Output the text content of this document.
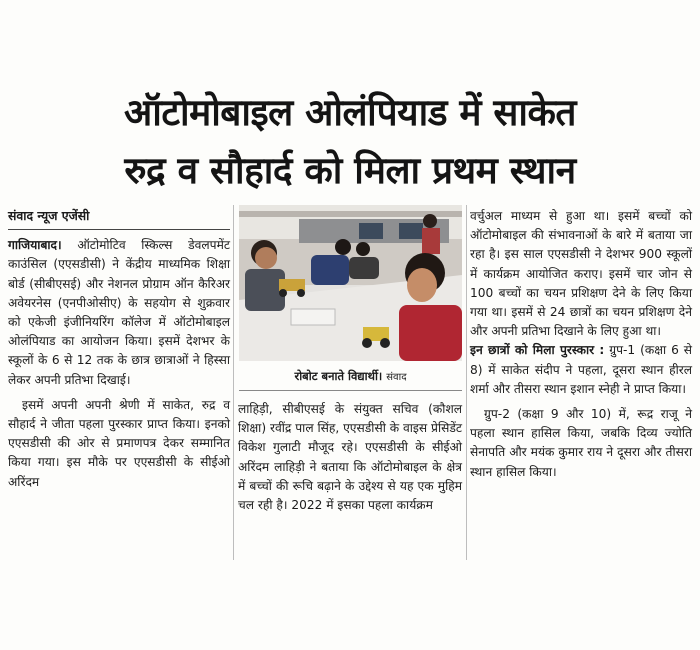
ऑटोमोबाइल ओलंपियाड में साकेत
रुद्र व सौहार्द को मिला प्रथम स्थान
संवाद न्यूज एजेंसी

गाजियाबाद। ऑटोमोटिव स्किल्स डेवलपमेंट काउंसिल (एएसडीसी) ने केंद्रीय माध्यमिक शिक्षा बोर्ड (सीबीएसई) और नेशनल प्रोग्राम ऑन कैरिअर अवेयरनेस (एनपीओसीए) के सहयोग से शुक्रवार को एकेजी इंजीनियरिंग कॉलेज में ऑटोमोबाइल ओलंपियाड का आयोजन किया। इसमें देशभर के स्कूलों के 6 से 12 तक के छात्र छात्राओं ने हिस्सा लेकर अपनी प्रतिभा दिखाई।

इसमें अपनी अपनी श्रेणी में साकेत, रुद्र व सौहार्द ने जीता पहला पुरस्कार प्राप्त किया। इनको एएसडीसी की ओर से प्रमाणपत्र देकर सम्मानित किया गया। इस मौके पर एएसडीसी के सीईओ अरिंदम

रोबोट बनाते विद्यार्थी। संवाद

लाहिड़ी, सीबीएसई के संयुक्त सचिव (कौशल शिक्षा) रवींद्र पाल सिंह, एएसडीसी के वाइस प्रेसिडेंट विकेश गुलाटी मौजूद रहे। एएसडीसी के सीईओ अरिंदम लाहिड़ी ने बताया कि ऑटोमोबाइल के क्षेत्र में बच्चों की रूचि बढ़ाने के उद्देश्य से यह एक मुहिम चल रही है। 2022 में इसका पहला कार्यक्रम

वर्चुअल माध्यम से हुआ था। इसमें बच्चों को ऑटोमोबाइल की संभावनाओं के बारे में बताया जा रहा है। इस साल एएसडीसी ने देशभर 900 स्कूलों में कार्यक्रम आयोजित कराए। इसमें चार जोन से 100 बच्चों का चयन प्रशिक्षण देने के लिए किया गया था। इसमें से 24 छात्रों का चयन प्रशिक्षण देने और अपनी प्रतिभा दिखाने के लिए हुआ था।

इन छात्रों को मिला पुरस्कार : ग्रुप-1 (कक्षा 6 से 8) में साकेत संदीप ने पहला, दूसरा स्थान हीरल शर्मा और तीसरा स्थान इशान स्नेही ने प्राप्त किया।

ग्रुप-2 (कक्षा 9 और 10) में, रूद्र राजू ने पहला स्थान हासिल किया, जबकि दिव्य ज्योति सेनापति और मयंक कुमार राय ने दूसरा और तीसरा स्थान हासिल किया।
